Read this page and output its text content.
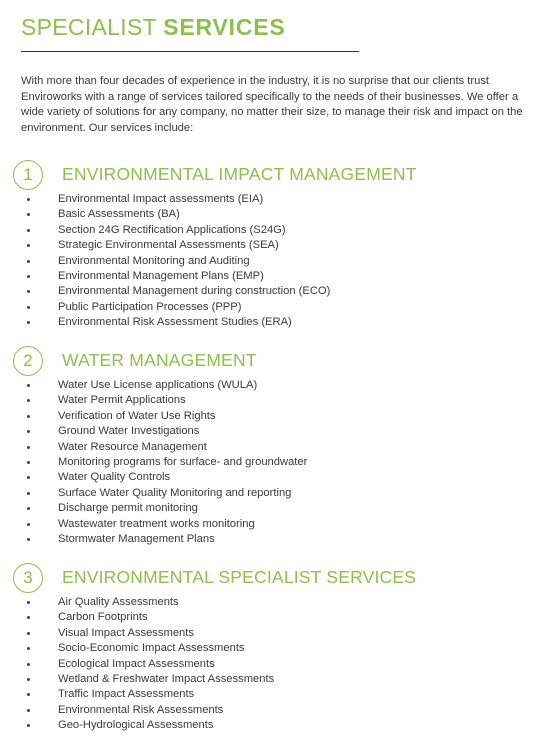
SPECIALIST SERVICES

With more than four decades of experience in the industry, it is no surprise that our clients trust Enviroworks with a range of services tailored specifically to the needs of their businesses. We offer a wide variety of solutions for any company, no matter their size, to manage their risk and impact on the environment. Our services include:

1	ENVIRONMENTAL IMPACT MANAGEMENT
Environmental Impact assessments (EIA)
Basic Assessments (BA)
Section 24G Rectification Applications (S24G)
Strategic Environmental Assessments (SEA)
Environmental Monitoring and Auditing
Environmental Management Plans (EMP)
Environmental Management during construction (ECO)
Public Participation Processes (PPP)
Environmental Risk Assessment Studies (ERA)
2	WATER MANAGEMENT
Water Use License applications (WULA)
Water Permit Applications
Verification of Water Use Rights
Ground Water Investigations
Water Resource Management
Monitoring programs for surface- and groundwater
Water Quality Controls
Surface Water Quality Monitoring and reporting
Discharge permit monitoring
Wastewater treatment works monitoring
Stormwater Management Plans
3	ENVIRONMENTAL SPECIALIST SERVICES
Air Quality Assessments
Carbon Footprints
Visual Impact Assessments
Socio-Economic Impact Assessments
Ecological Impact Assessments
Wetland & Freshwater Impact Assessments
Traffic Impact Assessments
Environmental Risk Assessments
Geo-Hydrological Assessments
